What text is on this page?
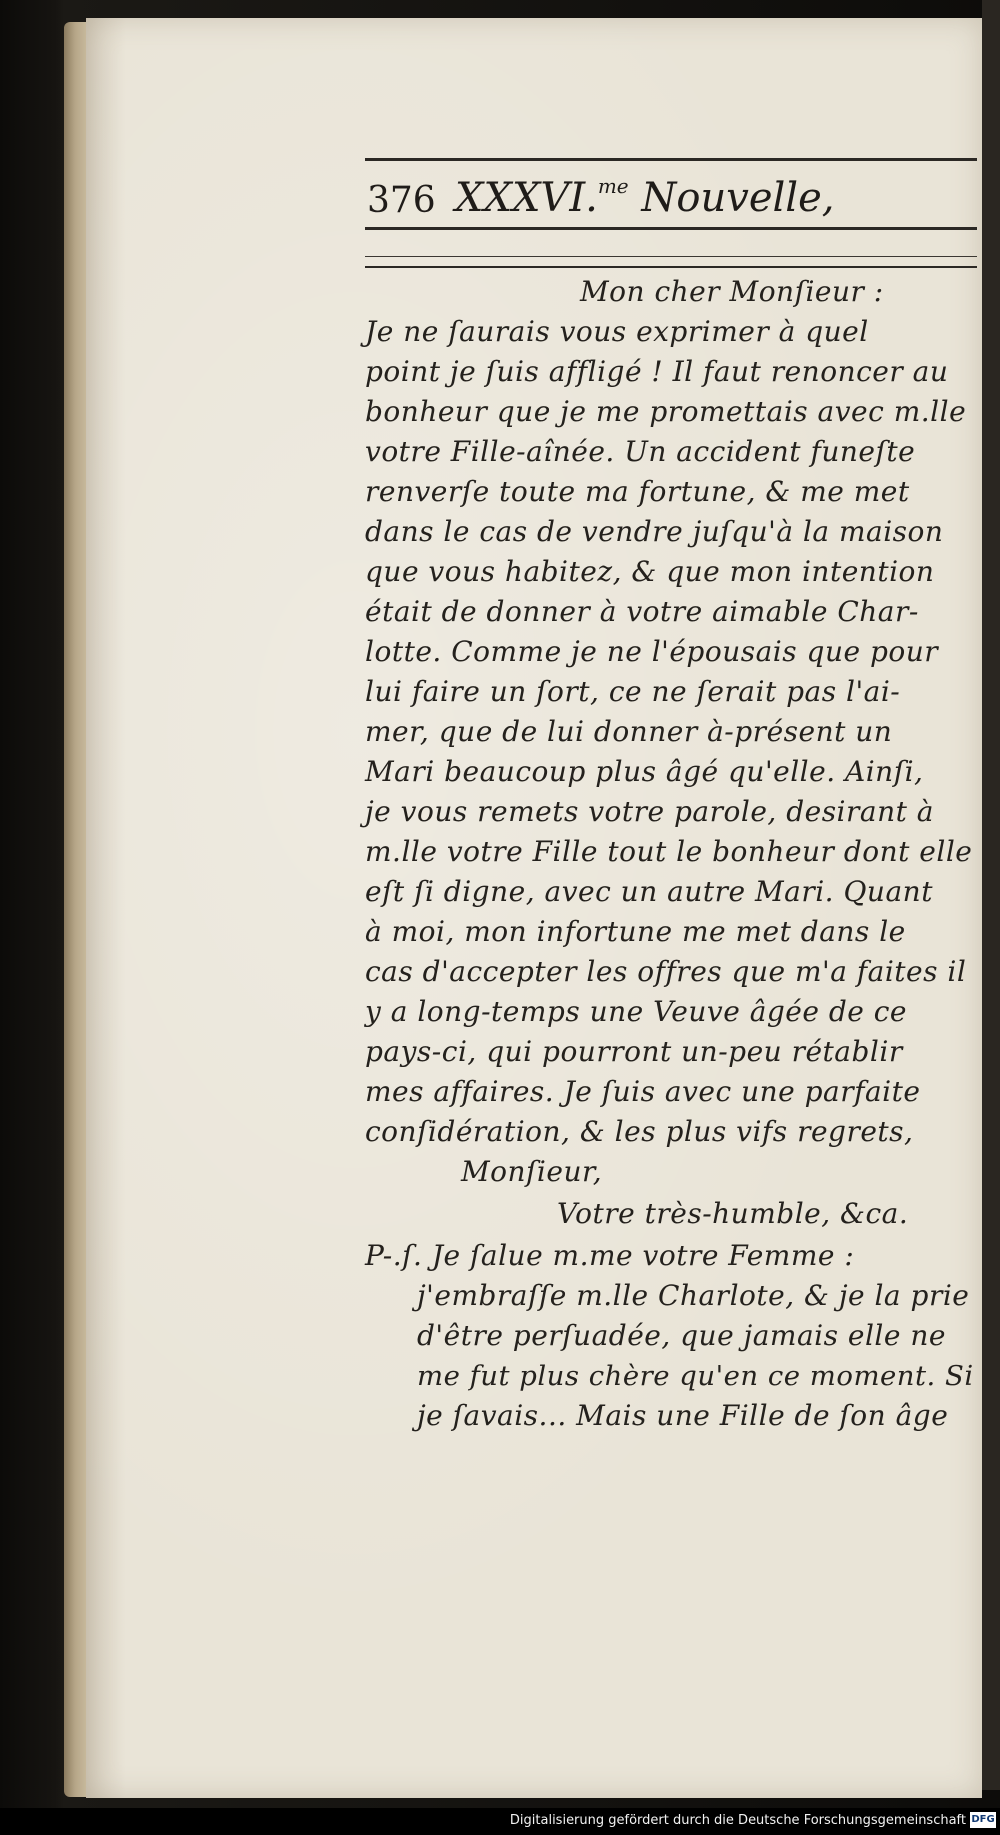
376 XXXVI.$^{me}$ Nouvelle,
Mon cher Monſieur :
Je ne ſaurais vous exprimer à quel
point je ſuis affligé ! Il faut renoncer au
bonheur que je me promettais avec m.lle
votre Fille-aînée. Un accident funeſte
renverſe toute ma fortune, & me met
dans le cas de vendre juſqu'à la maison
que vous habitez, & que mon intention
était de donner à votre aimable Char-
lotte. Comme je ne l'épousais que pour
lui faire un ſort, ce ne ſerait pas l'ai-
mer, que de lui donner à-présent un
Mari beaucoup plus âgé qu'elle. Ainſi,
je vous remets votre parole, desirant à
m.lle votre Fille tout le bonheur dont elle
eſt ſi digne, avec un autre Mari. Quant
à moi, mon infortune me met dans le
cas d'accepter les offres que m'a faites il
y a long-temps une Veuve âgée de ce
pays-ci, qui pourront un-peu rétablir
mes affaires. Je ſuis avec une parfaite
conſidération, & les plus vifs regrets,
Monſieur,
Votre très-humble, &ca.
P-.ſ. Je ſalue m.me votre Femme :
j'embraſſe m.lle Charlote, & je la prie
d'être perſuadée, que jamais elle ne
me fut plus chère qu'en ce moment. Si
je ſavais... Mais une Fille de ſon âge
Digitalisierung gefördert durch die Deutsche Forschungsgemeinschaft DFG
